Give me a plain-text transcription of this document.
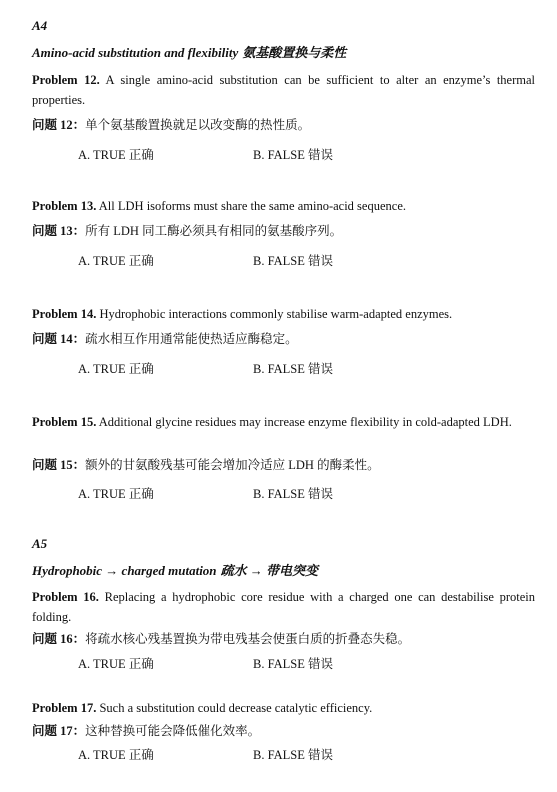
A4
Amino-acid substitution and flexibility 氨基酸置换与柔性
Problem 12. A single amino-acid substitution can be sufficient to alter an enzyme’s thermal properties.
问题 12：单个氨基酸置换就足以改变酶的热性质。
A. TRUE 正确	B. FALSE 错误
Problem 13. All LDH isoforms must share the same amino-acid sequence.
问题 13：所有 LDH 同工酶必须具有相同的氨基酸序列。
A. TRUE 正确	B. FALSE 错误
Problem 14. Hydrophobic interactions commonly stabilise warm-adapted enzymes.
问题 14：疏水相互作用通常能使热适应酶稳定。
A. TRUE 正确	B. FALSE 错误
Problem 15. Additional glycine residues may increase enzyme flexibility in cold-adapted LDH.
问题 15：额外的甘氨酸残基可能会增加冷适应 LDH 的酶柔性。
A. TRUE 正确	B. FALSE 错误
A5
Hydrophobic → charged mutation 疏水 → 带电突变
Problem 16. Replacing a hydrophobic core residue with a charged one can destabilise protein folding.
问题 16：将疏水核心残基置换为带电残基会使蛋白质的折叠态失稳。
A. TRUE 正确	B. FALSE 错误
Problem 17. Such a substitution could decrease catalytic efficiency.
问题 17：这种替换可能会降低催化效率。
A. TRUE 正确	B. FALSE 错误
